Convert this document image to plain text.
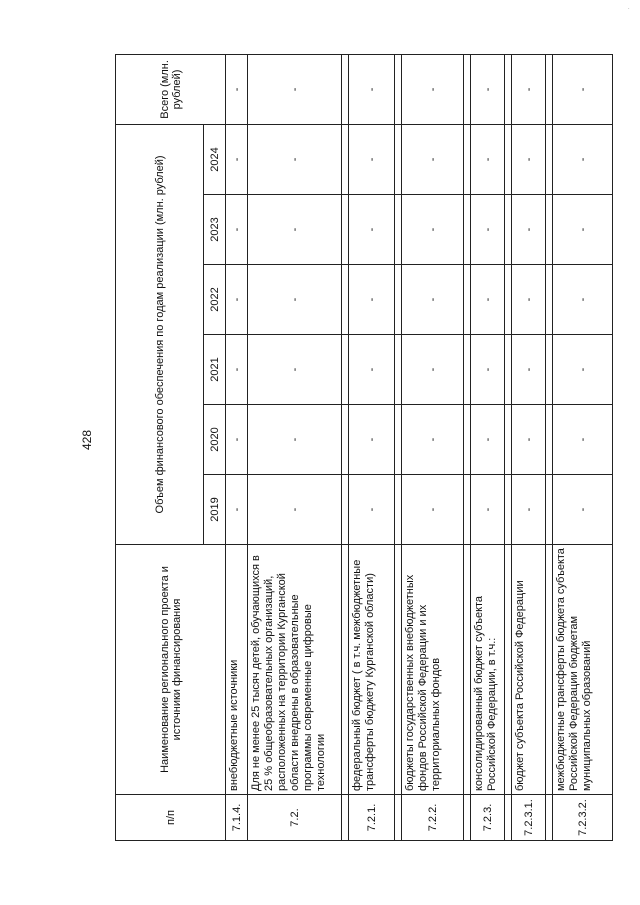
428
·
п/п	Наименование регионального проекта и источники финансирования	Объем финансового обеспечения по годам реализации (млн. рублей)						Всего (млн. рублей)
		2019	2020	2021	2022	2023	2024	
7.1.4.	внебюджетные источники	-	-	-	-	-	-	-
7.2.	Для не менее 25 тысяч детей, обучающихся в 25 % общеобразовательных организаций, расположенных на территории Курганской области внедрены в образовательные программы современные цифровые технологии	-	-	-	-	-	-	-

7.2.1.	федеральный бюджет ( в т.ч. межбюджетные трансферты бюджету Курганской области)	-	-	-	-	-	-	-

7.2.2.	бюджеты государственных внебюджетных фондов Российской Федерации и их территориальных фондов	-	-	-	-	-	-	-

7.2.3.	консолидированный бюджет субъекта Российской Федерации, в т.ч.:	-	-	-	-	-	-	-

7.2.3.1.	бюджет субъекта Российской Федерации	-	-	-	-	-	-	-

7.2.3.2.	межбюджетные трансферты бюджета субъекта Российской Федерации бюджетам муниципальных образований	-	-	-	-	-	-	-
